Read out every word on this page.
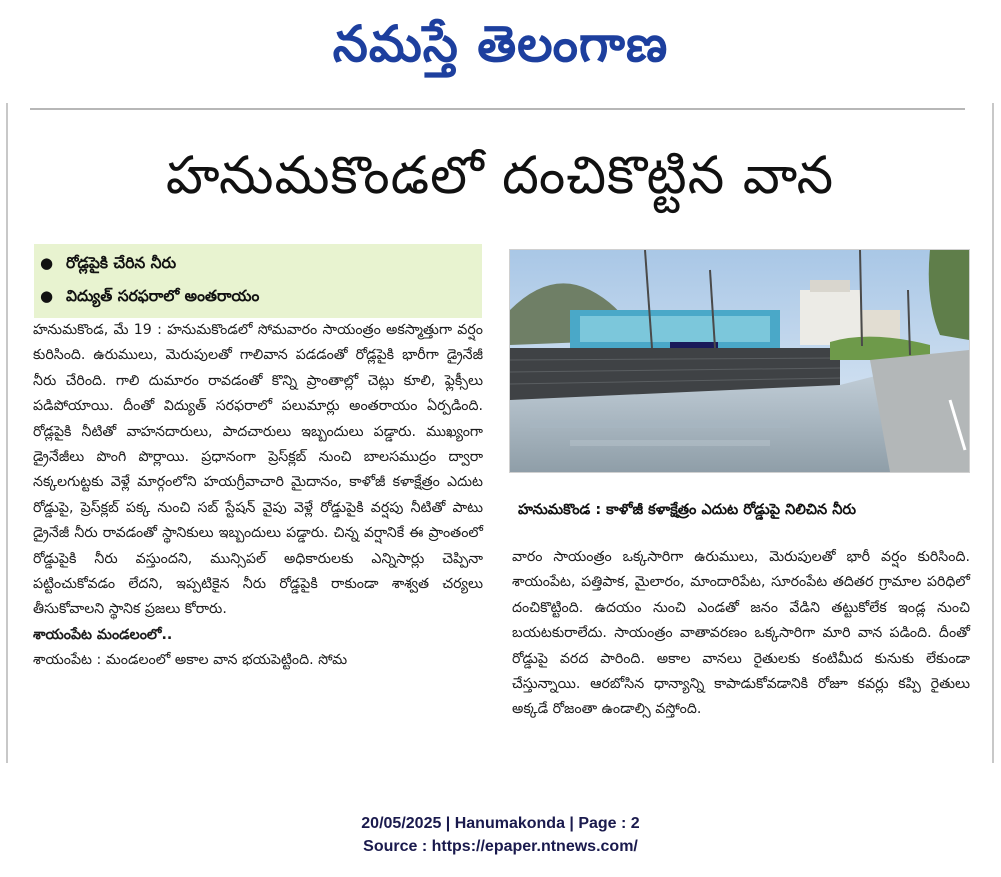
నమస్తే తెలంగాణ
హనుమకొండలో దంచికొట్టిన వాన
● రోడ్లపైకి చేరిన నీరు
● విద్యుత్‌ సరఫరాలో అంతరాయం

హనుమకొండ, మే 19 : హనుమకొండలో సోమవారం సాయంత్రం అకస్మాత్తుగా వర్షం కురిసింది. ఉరుములు, మెరుపులతో గాలివాన పడడంతో రోడ్లపైకి భారీగా డ్రైనేజీ నీరు చేరింది. గాలి దుమారం రావడంతో కొన్ని ప్రాంతాల్లో చెట్లు కూలి, ఫ్లెక్సీలు పడిపోయాయి. దీంతో విద్యుత్‌ సరఫరాలో పలుమార్లు అంతరాయం ఏర్పడింది. రోడ్లపైకి నీటితో వాహనదారులు, పాదచారులు ఇబ్బందులు పడ్డారు. ముఖ్యంగా డ్రైనేజీలు పొంగి పొర్లాయి. ప్రధానంగా ప్రెస్‌క్లబ్‌ నుంచి బాలసముద్రం ద్వారా నక్కలగుట్టకు వెళ్లే మార్గంలోని హయగ్రీవాచారి మైదానం, కాళోజీ కళాక్షేత్రం ఎదుట రోడ్డుపై, ప్రెస్‌క్లబ్‌ పక్క నుంచి సబ్‌ స్టేషన్‌ వైపు వెళ్లే రోడ్డుపైకి వర్షపు నీటితో పాటు డ్రైనేజీ నీరు రావడంతో స్థానికులు ఇబ్బందులు పడ్డారు. చిన్న వర్షానికే ఈ ప్రాంతంలో రోడ్డుపైకి నీరు వస్తుందని, మున్సిపల్‌ అధికారులకు ఎన్నిసార్లు చెప్పినా పట్టించుకోవడం లేదని, ఇప్పటికైన నీరు రోడ్డపైకి రాకుండా శాశ్వత చర్యలు తీసుకోవాలని స్థానిక ప్రజలు కోరారు.

శాయంపేట మండలంలో..

శాయంపేట : మండలంలో అకాల వాన భయపెట్టింది. సోమ

హనుమకొండ : కాళోజీ కళాక్షేత్రం ఎదుట రోడ్డుపై నిలిచిన నీరు

వారం సాయంత్రం ఒక్కసారిగా ఉరుములు, మెరుపులతో భారీ వర్షం కురిసింది. శాయంపేట, పత్తిపాక, మైలారం, మాందారిపేట, సూరంపేట తదితర గ్రామాల పరిధిలో దంచికొట్టింది. ఉదయం నుంచి ఎండతో జనం వేడిని తట్టుకోలేక ఇండ్ల నుంచి బయటకురాలేదు. సాయంత్రం వాతావరణం ఒక్కసారిగా మారి వాన పడింది. దీంతో రోడ్డుపై వరద పారింది. అకాల వానలు రైతులకు కంటిమీద కునుకు లేకుండా చేస్తున్నాయి. ఆరబోసిన ధాన్యాన్ని కాపాడుకోవడానికి రోజూ కవర్లు కప్పి రైతులు అక్కడే రోజంతా ఉండాల్సి వస్తోంది.

20/05/2025 | Hanumakonda | Page : 2
Source : https://epaper.ntnews.com/
